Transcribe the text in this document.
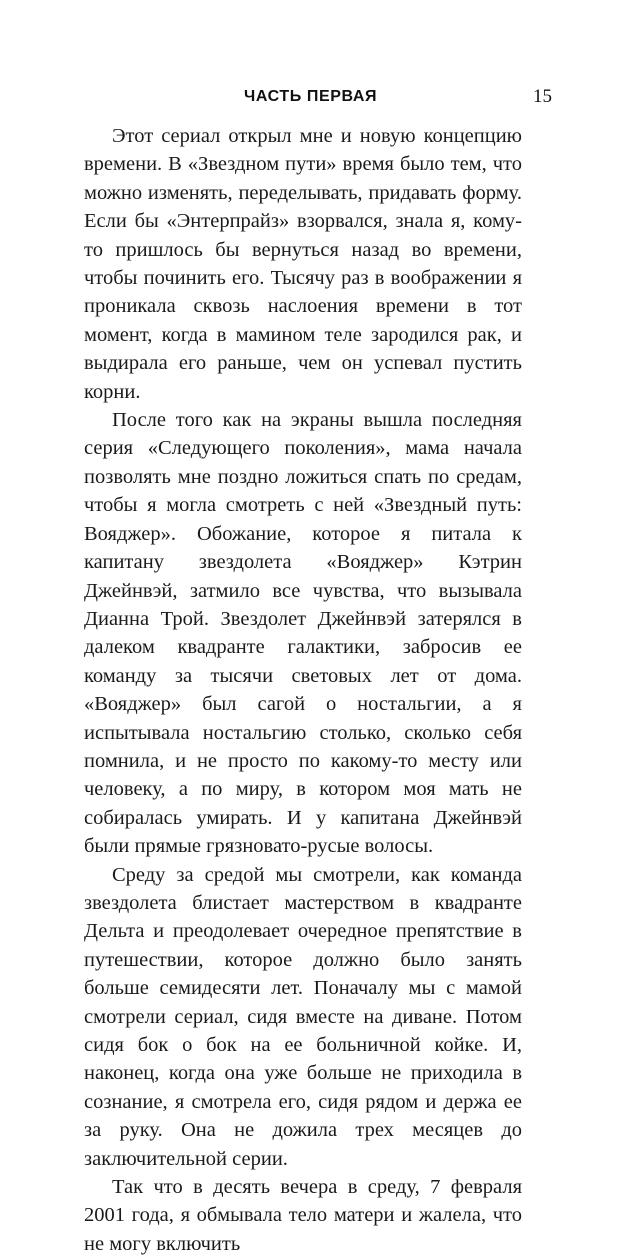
ЧАСТЬ ПЕРВАЯ	15

Этот сериал открыл мне и новую концепцию времени. В «Звездном пути» время было тем, что можно изменять, переделывать, придавать форму. Если бы «Энтерпрайз» взорвался, знала я, кому-то пришлось бы вернуться назад во времени, чтобы починить его. Тысячу раз в воображении я проникала сквозь наслоения времени в тот момент, когда в мамином теле зародился рак, и выдирала его раньше, чем он успевал пустить корни.

После того как на экраны вышла последняя серия «Следующего поколения», мама начала позволять мне поздно ложиться спать по средам, чтобы я могла смотреть с ней «Звездный путь: Вояджер». Обожание, которое я питала к капитану звездолета «Вояджер» Кэтрин Джейнвэй, затмило все чувства, что вызывала Дианна Трой. Звездолет Джейнвэй затерялся в далеком квадранте галактики, забросив ее команду за тысячи световых лет от дома. «Вояджер» был сагой о ностальгии, а я испытывала ностальгию столько, сколько себя помнила, и не просто по какому-то месту или человеку, а по миру, в котором моя мать не собиралась умирать. И у капитана Джейнвэй были прямые грязновато-русые волосы.

Среду за средой мы смотрели, как команда звездолета блистает мастерством в квадранте Дельта и преодолевает очередное препятствие в путешествии, которое должно было занять больше семидесяти лет. Поначалу мы с мамой смотрели сериал, сидя вместе на диване. Потом сидя бок о бок на ее больничной койке. И, наконец, когда она уже больше не приходила в сознание, я смотрела его, сидя рядом и держа ее за руку. Она не дожила трех месяцев до заключительной серии.

Так что в десять вечера в среду, 7 февраля 2001 года, я обмывала тело матери и жалела, что не могу включить
